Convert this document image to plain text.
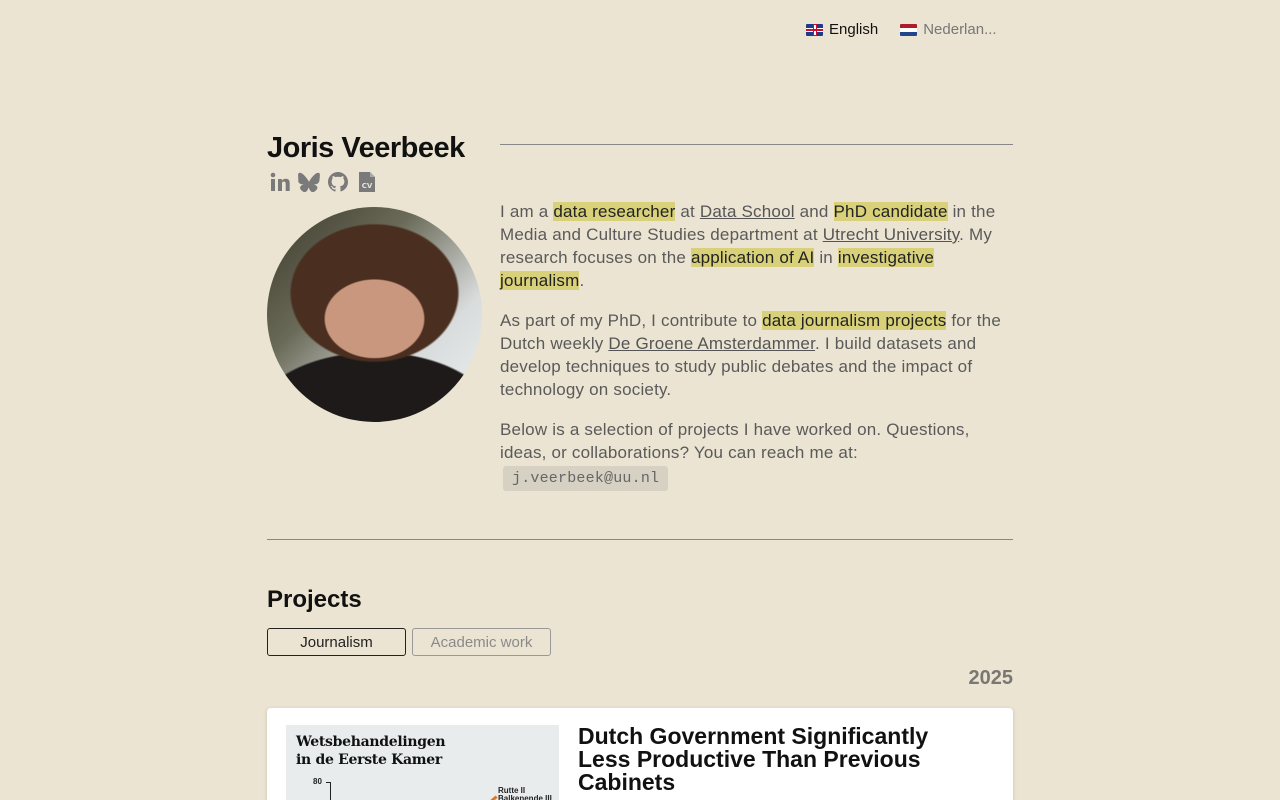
English	Nederlan...
Joris Veerbeek
CV

I am a data researcher at Data School and PhD candidate in the Media and Culture Studies department at Utrecht University. My research focuses on the application of AI in investigative journalism.

As part of my PhD, I contribute to data journalism projects for the Dutch weekly De Groene Amsterdammer. I build datasets and develop techniques to study public debates and the impact of technology on society.

Below is a selection of projects I have worked on. Questions, ideas, or collaborations? You can reach me at:
j.veerbeek@uu.nl

Projects
Journalism	Academic work
2025
Wetsbehandelingen
in de Eerste Kamer
80
Rutte II
Balkenende III
Dutch Government Significantly Less Productive Than Previous Cabinets
